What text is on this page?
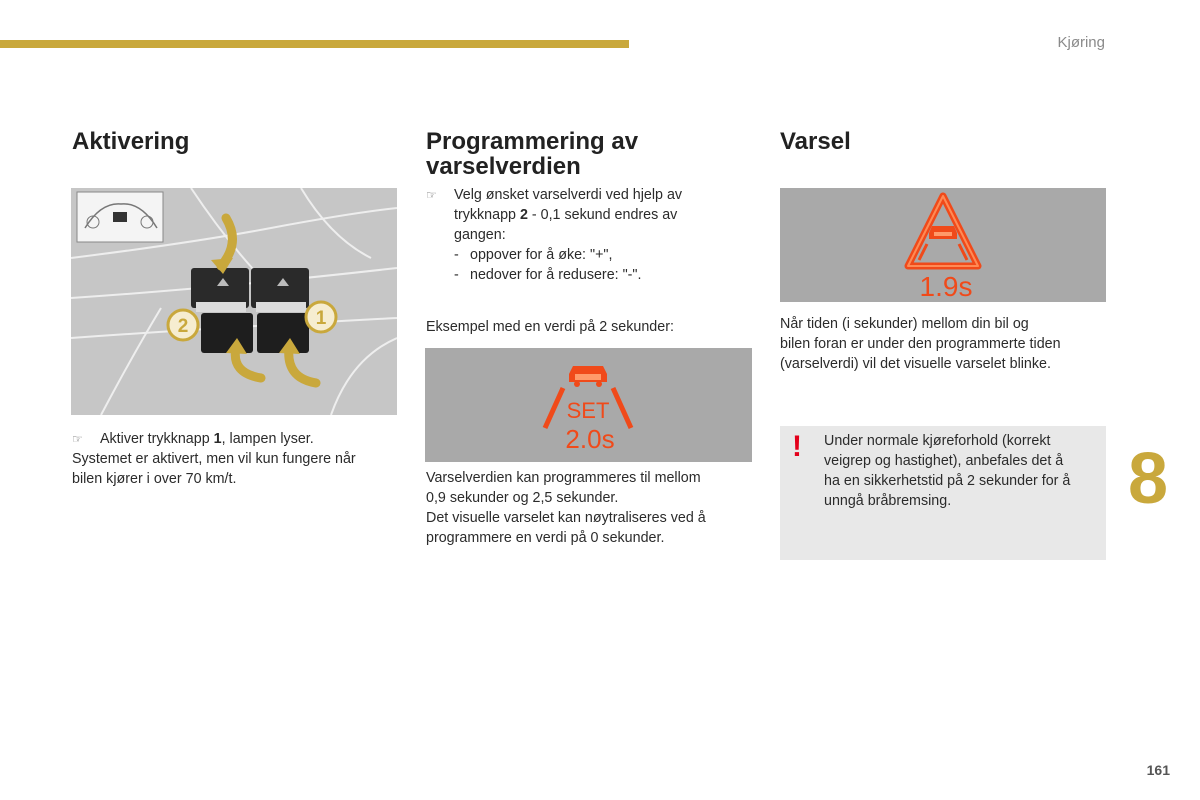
Kjøring
Aktivering
2	1
☞ Aktiver trykknapp 1, lampen lyser.
Systemet er aktivert, men vil kun fungere når
bilen kjører i over 70 km/t.
Programmering av
varselverdien
☞ Velg ønsket varselverdi ved hjelp av
trykknapp 2 - 0,1 sekund endres av
gangen:
- oppover for å øke: "+",
- nedover for å redusere: "-".
Eksempel med en verdi på 2 sekunder:
SET
2.0s
Varselverdien kan programmeres til mellom
0,9 sekunder og 2,5 sekunder.
Det visuelle varselet kan nøytraliseres ved å
programmere en verdi på 0 sekunder.
Varsel
1.9s
Når tiden (i sekunder) mellom din bil og
bilen foran er under den programmerte tiden
(varselverdi) vil det visuelle varselet blinke.
! Under normale kjøreforhold (korrekt
veigrep og hastighet), anbefales det å
ha en sikkerhetstid på 2 sekunder for å
unngå bråbremsing.	8
161
